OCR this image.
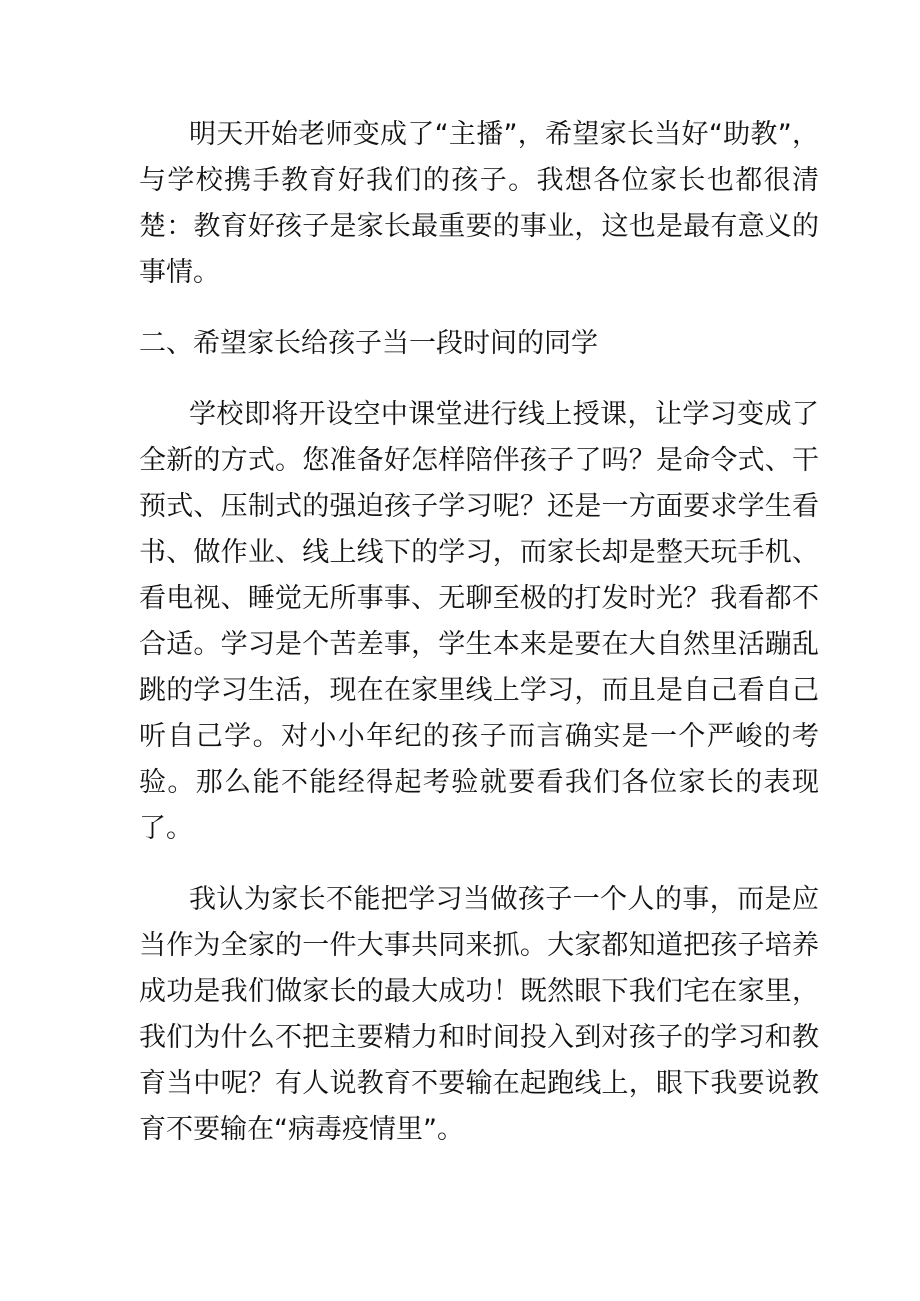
明天开始老师变成了“主播”，希望家长当好“助教”，与学校携手教育好我们的孩子。我想各位家长也都很清楚：教育好孩子是家长最重要的事业，这也是最有意义的事情。

二、希望家长给孩子当一段时间的同学

学校即将开设空中课堂进行线上授课，让学习变成了全新的方式。您准备好怎样陪伴孩子了吗？是命令式、干预式、压制式的强迫孩子学习呢？还是一方面要求学生看书、做作业、线上线下的学习，而家长却是整天玩手机、看电视、睡觉无所事事、无聊至极的打发时光？我看都不合适。学习是个苦差事，学生本来是要在大自然里活蹦乱跳的学习生活，现在在家里线上学习，而且是自己看自己听自己学。对小小年纪的孩子而言确实是一个严峻的考验。那么能不能经得起考验就要看我们各位家长的表现了。

我认为家长不能把学习当做孩子一个人的事，而是应当作为全家的一件大事共同来抓。大家都知道把孩子培养成功是我们做家长的最大成功！既然眼下我们宅在家里，我们为什么不把主要精力和时间投入到对孩子的学习和教育当中呢？有人说教育不要输在起跑线上，眼下我要说教育不要输在“病毒疫情里”。
